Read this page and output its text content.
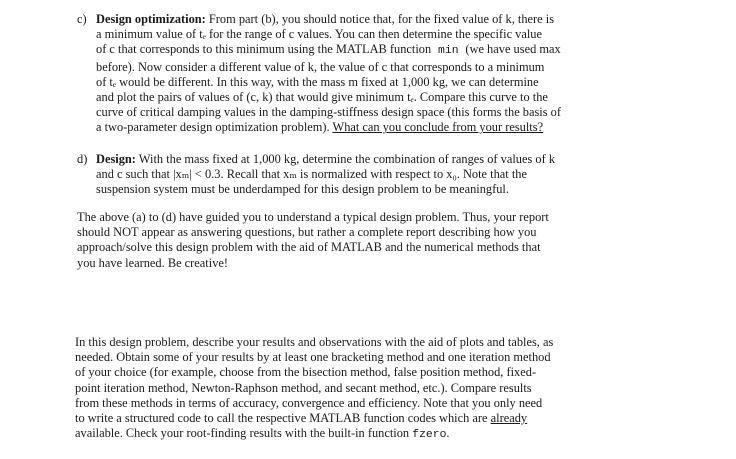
c) Design optimization: From part (b), you should notice that, for the fixed value of k, there is
a minimum value of tₑ for the range of c values. You can then determine the specific value
of c that corresponds to this minimum using the MATLAB function min (we have used max
before). Now consider a different value of k, the value of c that corresponds to a minimum
of tₑ would be different. In this way, with the mass m fixed at 1,000 kg, we can determine
and plot the pairs of values of (c, k) that would give minimum tₑ. Compare this curve to the
curve of critical damping values in the damping-stiffness design space (this forms the basis of
a two-parameter design optimization problem). What can you conclude from your results?
d) Design: With the mass fixed at 1,000 kg, determine the combination of ranges of values of k
and c such that |xₘ| < 0.3. Recall that xₘ is normalized with respect to x₀. Note that the
suspension system must be underdamped for this design problem to be meaningful.
The above (a) to (d) have guided you to understand a typical design problem. Thus, your report
should NOT appear as answering questions, but rather a complete report describing how you
approach/solve this design problem with the aid of MATLAB and the numerical methods that
you have learned. Be creative!
In this design problem, describe your results and observations with the aid of plots and tables, as
needed. Obtain some of your results by at least one bracketing method and one iteration method
of your choice (for example, choose from the bisection method, false position method, fixed-
point iteration method, Newton-Raphson method, and secant method, etc.). Compare results
from these methods in terms of accuracy, convergence and efficiency. Note that you only need
to write a structured code to call the respective MATLAB function codes which are already
available. Check your root-finding results with the built-in function fzero.
